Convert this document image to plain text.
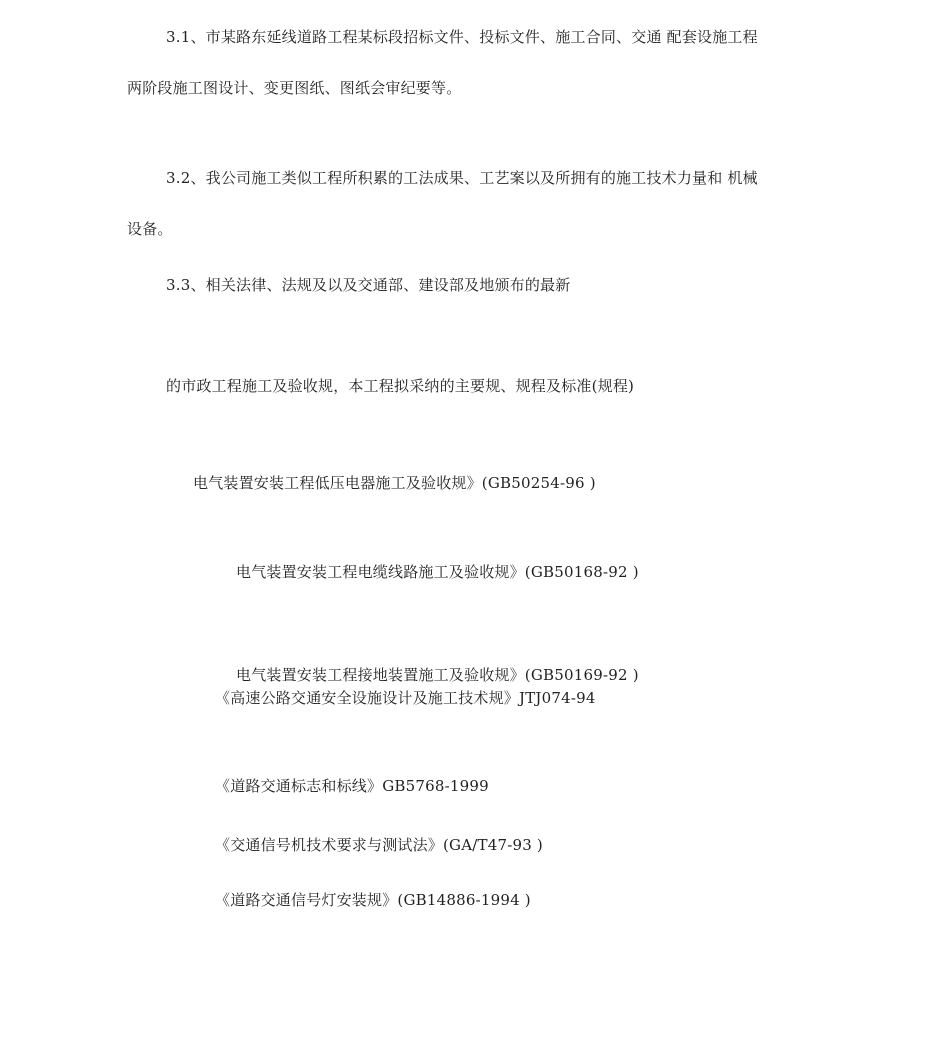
3.1、市某路东延线道路工程某标段招标文件、投标文件、施工合同、交通 配套设施工程
两阶段施工图设计、变更图纸、图纸会审纪要等。
3.2、我公司施工类似工程所积累的工法成果、工艺案以及所拥有的施工技术力量和 机械
设备。
3.3、相关法律、法规及以及交通部、建设部及地颁布的最新
的市政工程施工及验收规，本工程拟采纳的主要规、规程及标准(规程)
电气装置安装工程低压电器施工及验收规》(GB50254-96 )
电气装置安装工程电缆线路施工及验收规》(GB50168-92 )
电气装置安装工程接地装置施工及验收规》(GB50169-92 )
《高速公路交通安全设施设计及施工技术规》JTJ074-94
《道路交通标志和标线》GB5768-1999
《交通信号机技术要求与测试法》(GA/T47-93 )
《道路交通信号灯安装规》(GB14886-1994 )
